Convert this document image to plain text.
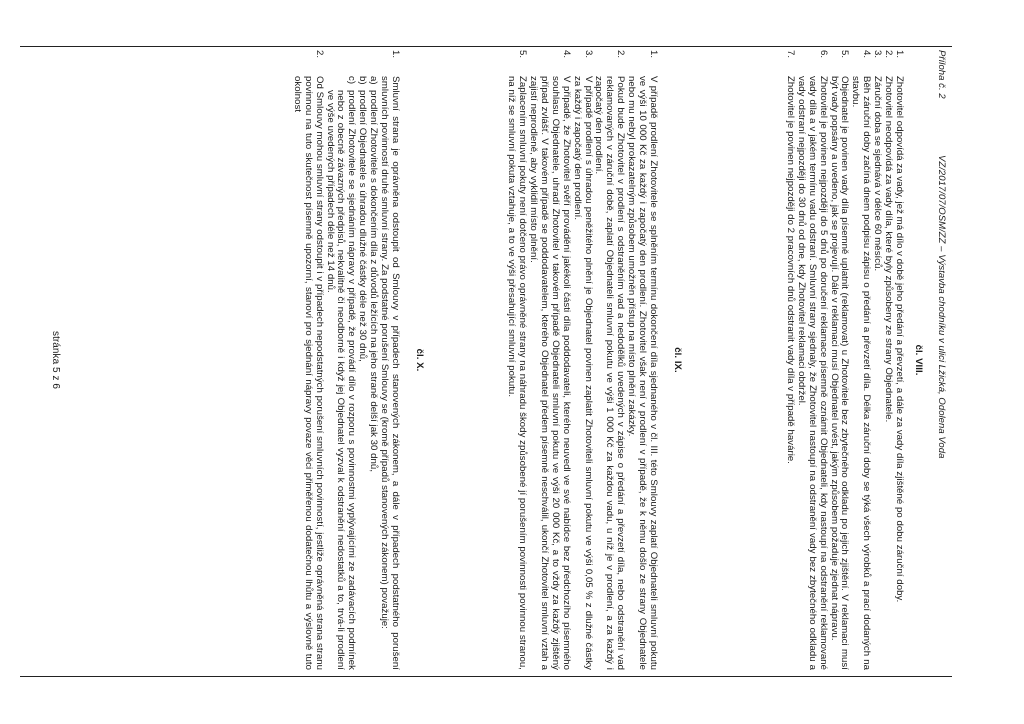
Příloha č. 2
VZ/2017/07/OSM/ZZ – Výstavba chodníku v ulici Lžická, Odolena Voda
čl. VIII.
1.
Zhotovitel odpovídá za vady, jež má dílo v době jeho předání a převzetí, a dále za vady díla zjištěné po dobu záruční doby.
2.
Zhotovitel neodpovídá za vady díla, které byly způsobeny ze strany Objednatele.
3.
Záruční doba se sjednává v délce 60 měsíců.
4.
Běh záruční doby začíná dnem podpisu zápisu o předání a převzetí díla. Délka záruční doby se týká všech výrobků a prací dodaných na stavbu.
5.
Objednatel je povinen vady díla písemně uplatnit (reklamovat) u Zhotovitele bez zbytečného odkladu po jejich zjištění. V reklamaci musí být vady popsány a uvedeno, jak se projevují. Dále v reklamaci musí Objednatel uvést, jakým způsobem požaduje zjednat nápravu.
6.
Zhotovitel je povinen nejpozději do 5 dnů po doručení reklamace písemně oznámit Objednateli, kdy nastoupí na odstranění reklamované vady díla a v jakém termínu vadu odstraní. Smluvní strany sjednaly, že Zhotovitel nastoupí na odstranění vady bez zbytečného odkladu a vady odstraní nejpozději do 30 dnů od dne, kdy Zhotovitel reklamaci obdržel.
7.
Zhotovitel je povinen nejpozději do 2 pracovních dnů odstranit vady díla v případě havárie.
čl. IX.
1.
V případě prodlení Zhotovitele se splněním termínu dokončení díla sjednaného v čl. III. této Smlouvy zaplatí Objednateli smluvní pokutu ve výši 10 000 Kč za každý i započatý den prodlení. Zhotovitel však není v prodlení v případě, že k němu došlo ze strany Objednatele nebo mu nebyl prokazatelným způsobem umožněn přístup na místo plnění zakázky.
2.
Pokud bude Zhotovitel v prodlení s odstraněním vad a nedodělků uvedených v zápise o předání a převzetí díla, nebo odstranění vad reklamovaných v záruční době, zaplatí Objednateli smluvní pokutu ve výši 1 000 Kč za každou vadu, u níž je v prodlení, a za každý i započatý den prodlení.
3.
V případě prodlení s úhradou peněžitého plnění je Objednatel povinen zaplatit Zhotoviteli smluvní pokutu ve výši 0,05 % z dlužné částky za každý i započatý den prodlení.
4.
V případě, že Zhotovitel svěří provádění jakékoli části díla poddodavateli, kterého neuvedl ve své nabídce bez předchozího písemného souhlasu Objednatele, uhradí Zhotovitel v takovém případě Objednateli smluvní pokutu ve výši 20 000 Kč, a to vždy za každý zjištěný případ zvlášť. V takovém případě se poddodavatelem, kterého Objednatel předem písemně neschválil, ukončí Zhotovitel smluvní vztah a zajistí neprodleně, aby vyklidil místo plnění.
5.
Zaplacením smluvní pokuty není dotčeno právo oprávněné strany na náhradu škody způsobené jí porušením povinnosti povinnou stranou, na níž se smluvní pokuta vztahuje, a to ve výši přesahující smluvní pokutu.
čl. X.
1.
Smluvní strana je oprávněna odstoupit od Smlouvy v případech stanovených zákonem, a dále v případech podstatného porušení smluvních povinností druhé smluvní strany. Za podstatné porušení Smlouvy se (kromě případů stanovených zákonem) považuje:
a)
prodlení Zhotovitele s dokončením díla z důvodů ležících na jeho straně delší jak 30 dnů,
b)
prodlení Objednatele s úhradou dlužné částky déle než 30 dnů,
c)
prodlení Zhotovitele se sjednáním nápravy v případě, že provádí dílo v rozporu s povinnostmi vyplývajícími ze zadávacích podmínek nebo z obecně závazných předpisů, nekvalitně či neodborně i když jej Objednatel vyzval k odstranění nedostatků a to, trvá-li prodlení ve výše uvedených případech déle než 14 dnů.
2.
Od Smlouvy mohou smluvní strany odstoupit i v případech nepodstatných porušení smluvních povinností, jestliže oprávněná strana stranu povinnou na tuto skutečnost písemně upozorní, stanoví pro sjednání nápravy povaze věci přiměřenou dodatečnou lhůtu a výslovně tuto okolnost
stránka 5 z 6
